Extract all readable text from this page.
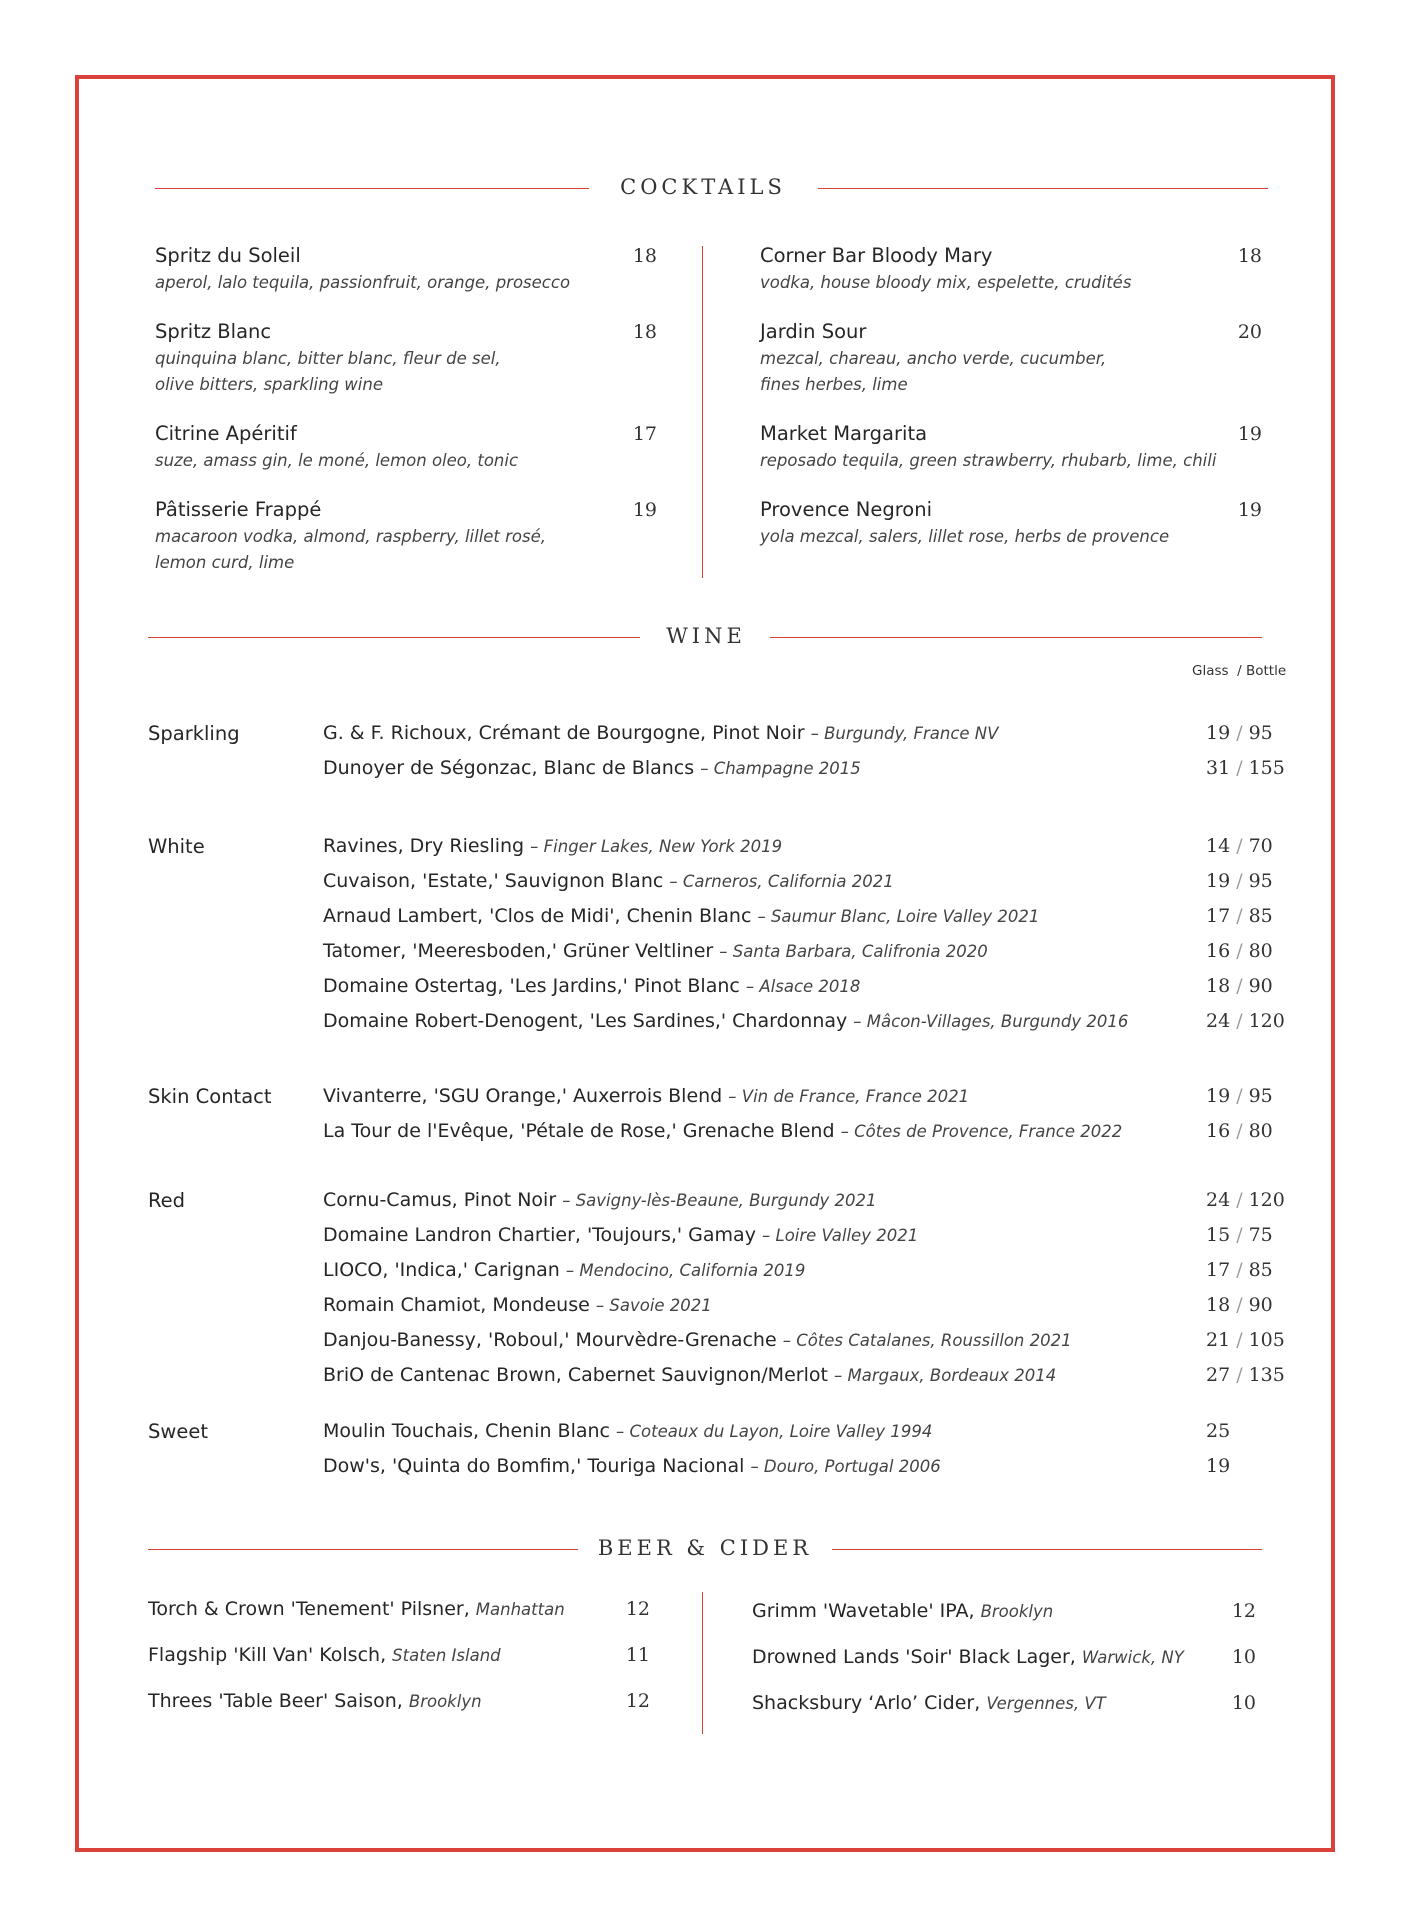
COCKTAILS
Spritz du Soleil	18
aperol, lalo tequila, passionfruit, orange, prosecco
Spritz Blanc	18
quinquina blanc, bitter blanc, fleur de sel,
olive bitters, sparkling wine
Citrine Apéritif	17
suze, amass gin, le moné, lemon oleo, tonic
Pâtisserie Frappé	19
macaroon vodka, almond, raspberry, lillet rosé,
lemon curd, lime
Corner Bar Bloody Mary	18
vodka, house bloody mix, espelette, crudités
Jardin Sour	20
mezcal, chareau, ancho verde, cucumber,
fines herbes, lime
Market Margarita	19
reposado tequila, green strawberry, rhubarb, lime, chili
Provence Negroni	19
yola mezcal, salers, lillet rose, herbs de provence
WINE
Glass  / Bottle
Sparkling	G. & F. Richoux, Crémant de Bourgogne, Pinot Noir – Burgundy, France NV	19 / 95
Dunoyer de Ségonzac, Blanc de Blancs – Champagne 2015	31 / 155
White	Ravines, Dry Riesling – Finger Lakes, New York 2019	14 / 70
Cuvaison, 'Estate,' Sauvignon Blanc – Carneros, California 2021	19 / 95
Arnaud Lambert, 'Clos de Midi', Chenin Blanc – Saumur Blanc, Loire Valley 2021	17 / 85
Tatomer, 'Meeresboden,' Grüner Veltliner – Santa Barbara, Califronia 2020	16 / 80
Domaine Ostertag, 'Les Jardins,' Pinot Blanc – Alsace 2018	18 / 90
Domaine Robert-Denogent, 'Les Sardines,' Chardonnay – Mâcon-Villages, Burgundy 2016	24 / 120
Skin Contact	Vivanterre, 'SGU Orange,' Auxerrois Blend – Vin de France, France 2021	19 / 95
La Tour de l'Evêque, 'Pétale de Rose,' Grenache Blend – Côtes de Provence, France 2022	16 / 80
Red	Cornu-Camus, Pinot Noir – Savigny-lès-Beaune, Burgundy 2021	24 / 120
Domaine Landron Chartier, 'Toujours,' Gamay – Loire Valley 2021	15 / 75
LIOCO, 'Indica,' Carignan – Mendocino, California 2019	17 / 85
Romain Chamiot, Mondeuse – Savoie 2021	18 / 90
Danjou-Banessy, 'Roboul,' Mourvèdre-Grenache – Côtes Catalanes, Roussillon 2021	21 / 105
BriO de Cantenac Brown, Cabernet Sauvignon/Merlot – Margaux, Bordeaux 2014	27 / 135
Sweet	Moulin Touchais, Chenin Blanc – Coteaux du Layon, Loire Valley 1994	25
Dow's, 'Quinta do Bomfim,' Touriga Nacional – Douro, Portugal 2006	19
BEER & CIDER
Torch & Crown 'Tenement' Pilsner, Manhattan	12
Flagship 'Kill Van' Kolsch, Staten Island	11
Threes 'Table Beer' Saison, Brooklyn	12
Grimm 'Wavetable' IPA, Brooklyn	12
Drowned Lands 'Soir' Black Lager, Warwick, NY	10
Shacksbury ‘Arlo’ Cider, Vergennes, VT	10
